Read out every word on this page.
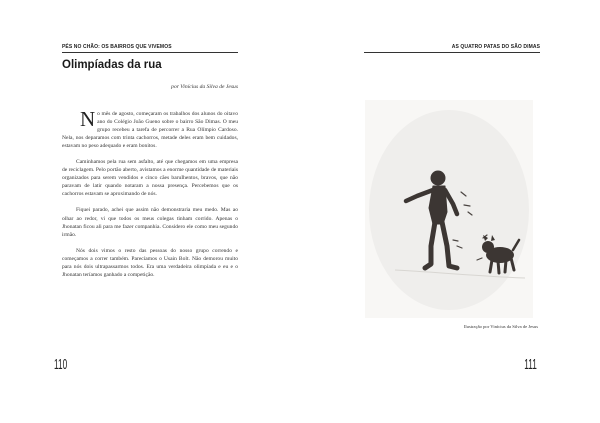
PÉS NO CHÃO: OS BAIRROS QUE VIVEMOS
Olimpíadas da rua
por Vinícius da Silva de Jesus

No mês de agosto, começaram os trabalhos dos alunos do oitavo ano do Colégio João Gueno sobre o bairro São Dimas. O meu grupo recebeu a tarefa de percorrer a Rua Olímpio Cardoso. Nela, nos deparamos com trinta cachorros, metade deles eram bem cuidados, estavam no peso adequado e eram bonitos.

Caminhamos pela rua sem asfalto, até que chegamos em uma empresa de reciclagem. Pelo portão aberto, avistamos a enorme quantidade de materiais organizados para serem vendidos e cinco cães baruIhentos, bravos, que não paravam de latir quando notaram a nossa presença. Percebemos que os cachorros estavam se aproximando de nós.

Fiquei parado, achei que assim não demonstraria meu medo. Mas ao olhar ao redor, vi que todos os meus colegas tinham corrido. Apenas o Jhonatan ficou ali para me fazer companhia. Considero ele como meu segundo irmão.

Nós dois vimos o resto das pessoas do nosso grupo correndo e começamos a correr também. Parecíamos o Usain Bolt. Não demorou muito para nós dois ultrapassarmos todos. Era uma verdadeira olimpíada e eu e o Jhonatan teríamos ganhado a competição.

110
AS QUATRO PATAS DO SÃO DIMAS
Ilustração por Vinícius da Silva de Jesus
111
